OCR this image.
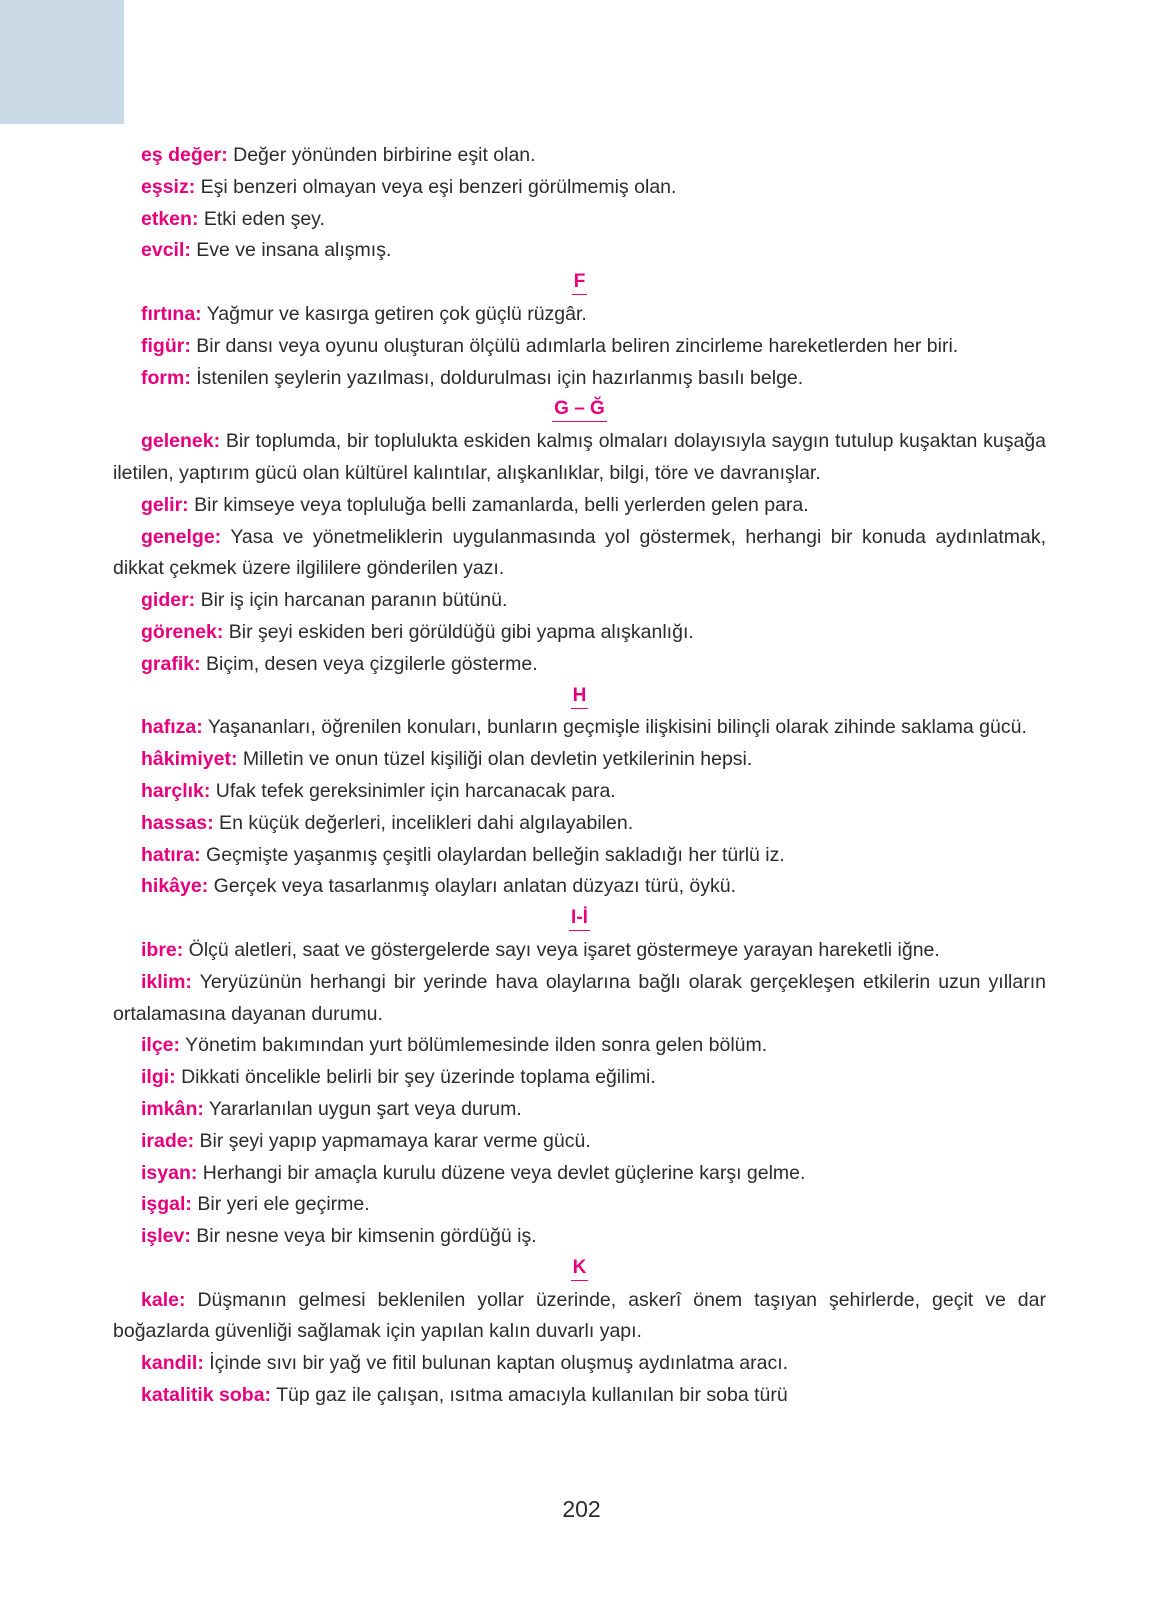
eş değer: Değer yönünden birbirine eşit olan.

eşsiz: Eşi benzeri olmayan veya eşi benzeri görülmemiş olan.

etken: Etki eden şey.

evcil: Eve ve insana alışmış.

F

fırtına: Yağmur ve kasırga getiren çok güçlü rüzgâr.

figür: Bir dansı veya oyunu oluşturan ölçülü adımlarla beliren zincirleme hareketlerden her biri.

form: İstenilen şeylerin yazılması, doldurulması için hazırlanmış basılı belge.

G – Ğ

gelenek: Bir toplumda, bir toplulukta eskiden kalmış olmaları dolayısıyla saygın tutulup kuşaktan kuşağa iletilen, yaptırım gücü olan kültürel kalıntılar, alışkanlıklar, bilgi, töre ve davranışlar.

gelir: Bir kimseye veya topluluğa belli zamanlarda, belli yerlerden gelen para.

genelge: Yasa ve yönetmeliklerin uygulanmasında yol göstermek, herhangi bir konuda aydınlatmak, dikkat çekmek üzere ilgililere gönderilen yazı.

gider: Bir iş için harcanan paranın bütünü.

görenek: Bir şeyi eskiden beri görüldüğü gibi yapma alışkanlığı.

grafik: Biçim, desen veya çizgilerle gösterme.

H

hafıza: Yaşananları, öğrenilen konuları, bunların geçmişle ilişkisini bilinçli olarak zihinde saklama gücü.

hâkimiyet: Milletin ve onun tüzel kişiliği olan devletin yetkilerinin hepsi.

harçlık: Ufak tefek gereksinimler için harcanacak para.

hassas: En küçük değerleri, incelikleri dahi algılayabilen.

hatıra: Geçmişte yaşanmış çeşitli olaylardan belleğin sakladığı her türlü iz.

hikâye: Gerçek veya tasarlanmış olayları anlatan düzyazı türü, öykü.

I-İ

ibre: Ölçü aletleri, saat ve göstergelerde sayı veya işaret göstermeye yarayan hareketli iğne.

iklim: Yeryüzünün herhangi bir yerinde hava olaylarına bağlı olarak gerçekleşen etkilerin uzun yılların ortalamasına dayanan durumu.

ilçe: Yönetim bakımından yurt bölümlemesinde ilden sonra gelen bölüm.

ilgi: Dikkati öncelikle belirli bir şey üzerinde toplama eğilimi.

imkân: Yararlanılan uygun şart veya durum.

irade: Bir şeyi yapıp yapmamaya karar verme gücü.

isyan: Herhangi bir amaçla kurulu düzene veya devlet güçlerine karşı gelme.

işgal: Bir yeri ele geçirme.

işlev: Bir nesne veya bir kimsenin gördüğü iş.

K

kale: Düşmanın gelmesi beklenilen yollar üzerinde, askerî önem taşıyan şehirlerde, geçit ve dar boğazlarda güvenliği sağlamak için yapılan kalın duvarlı yapı.

kandil: İçinde sıvı bir yağ ve fitil bulunan kaptan oluşmuş aydınlatma aracı.

katalitik soba: Tüp gaz ile çalışan, ısıtma amacıyla kullanılan bir soba türü

202
